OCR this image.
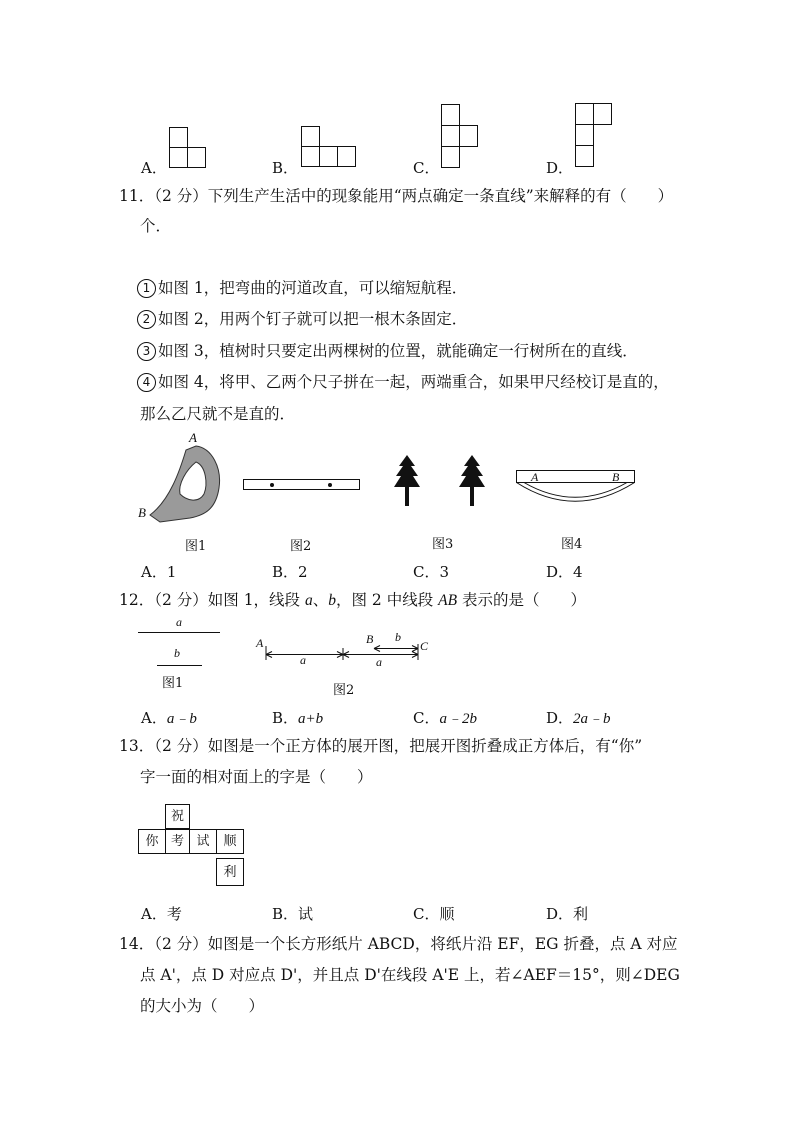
A．	B．	C．	D．
11．（2 分）下列生产生活中的现象能用“两点确定一条直线”来解释的有（　　）
个．
1 如图 1，把弯曲的河道改直，可以缩短航程．
2 如图 2，用两个钉子就可以把一根木条固定．
3 如图 3，植树时只要定出两棵树的位置，就能确定一行树所在的直线．
4 如图 4，将甲、乙两个尺子拼在一起，两端重合，如果甲尺经校订是直的，
那么乙尺就不是直的．
A
B
A	B
图1	图2	图3	图4
A．1	B．2	C．3	D．4
12．（2 分）如图 1，线段 a、b，图 2 中线段 AB 表示的是（　　）
a
b
图1
A	B	C
b
a	a
图2
A．a﹣b	B．a+b	C．a﹣2b	D．2a﹣b
13．（2 分）如图是一个正方体的展开图，把展开图折叠成正方体后，有“你”
字一面的相对面上的字是（　　）
祝
你 考 试	顺
利
A．考	B．试	C．顺	D．利
14．（2 分）如图是一个长方形纸片 ABCD，将纸片沿 EF，EG 折叠，点 A 对应
点 A'，点 D 对应点 D'，并且点 D'在线段 A'E 上，若∠AEF＝15°，则∠DEG
的大小为（　　）
